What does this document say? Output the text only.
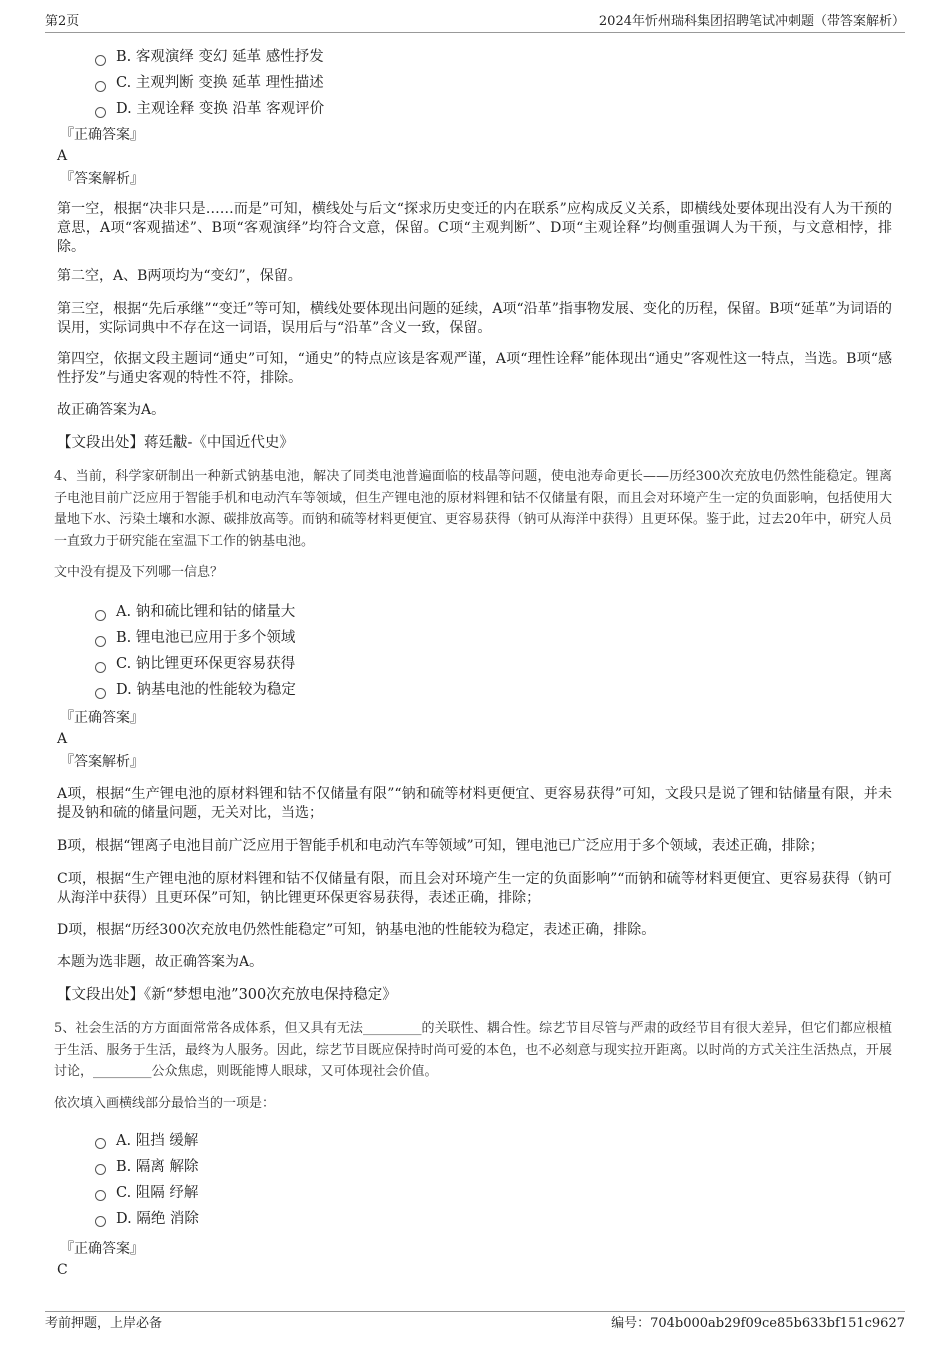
第2页	2024年忻州瑞科集团招聘笔试冲刺题（带答案解析）
B. 客观演绎 变幻 延革 感性抒发
C. 主观判断 变换 延革 理性描述
D. 主观诠释 变换 沿革 客观评价
『正确答案』
A
『答案解析』

第一空，根据“决非只是……而是”可知，横线处与后文“探求历史变迁的内在联系”应构成反义关系，即横线处要体现出没有人为干预的意思，A项“客观描述”、B项“客观演绎”均符合文意，保留。C项“主观判断”、D项“主观诠释”均侧重强调人为干预，与文意相悖，排除。

第二空，A、B两项均为“变幻”，保留。

第三空，根据“先后承继”“变迁”等可知，横线处要体现出问题的延续，A项“沿革”指事物发展、变化的历程，保留。B项“延革”为词语的误用，实际词典中不存在这一词语，误用后与“沿革”含义一致，保留。

第四空，依据文段主题词“通史”可知，“通史”的特点应该是客观严谨，A项“理性诠释”能体现出“通史”客观性这一特点，当选。B项“感性抒发”与通史客观的特性不符，排除。

故正确答案为A。

【文段出处】蒋廷黻-《中国近代史》

4、当前，科学家研制出一种新式钠基电池，解决了同类电池普遍面临的枝晶等问题，使电池寿命更长——历经300次充放电仍然性能稳定。锂离子电池目前广泛应用于智能手机和电动汽车等领域，但生产锂电池的原材料锂和钴不仅储量有限，而且会对环境产生一定的负面影响，包括使用大量地下水、污染土壤和水源、碳排放高等。而钠和硫等材料更便宜、更容易获得（钠可从海洋中获得）且更环保。鉴于此，过去20年中，研究人员一直致力于研究能在室温下工作的钠基电池。

文中没有提及下列哪一信息？

A. 钠和硫比锂和钴的储量大
B. 锂电池已应用于多个领域
C. 钠比锂更环保更容易获得
D. 钠基电池的性能较为稳定
『正确答案』
A
『答案解析』

A项，根据“生产锂电池的原材料锂和钴不仅储量有限”“钠和硫等材料更便宜、更容易获得”可知，文段只是说了锂和钴储量有限，并未提及钠和硫的储量问题，无关对比，当选；

B项，根据“锂离子电池目前广泛应用于智能手机和电动汽车等领域”可知，锂电池已广泛应用于多个领域，表述正确，排除；

C项，根据“生产锂电池的原材料锂和钴不仅储量有限，而且会对环境产生一定的负面影响”“而钠和硫等材料更便宜、更容易获得（钠可从海洋中获得）且更环保”可知，钠比锂更环保更容易获得，表述正确，排除；

D项，根据“历经300次充放电仍然性能稳定”可知，钠基电池的性能较为稳定，表述正确，排除。

本题为选非题，故正确答案为A。

【文段出处】《新“梦想电池”300次充放电保持稳定》

5、社会生活的方方面面常常各成体系，但又具有无法_________的关联性、耦合性。综艺节目尽管与严肃的政经节目有很大差异，但它们都应根植于生活、服务于生活，最终为人服务。因此，综艺节目既应保持时尚可爱的本色，也不必刻意与现实拉开距离。以时尚的方式关注生活热点，开展讨论，_________公众焦虑，则既能博人眼球，又可体现社会价值。

依次填入画横线部分最恰当的一项是：

A. 阻挡 缓解
B. 隔离 解除
C. 阻隔 纾解
D. 隔绝 消除
『正确答案』
C
考前押题，上岸必备	编号：704b000ab29f09ce85b633bf151c9627
